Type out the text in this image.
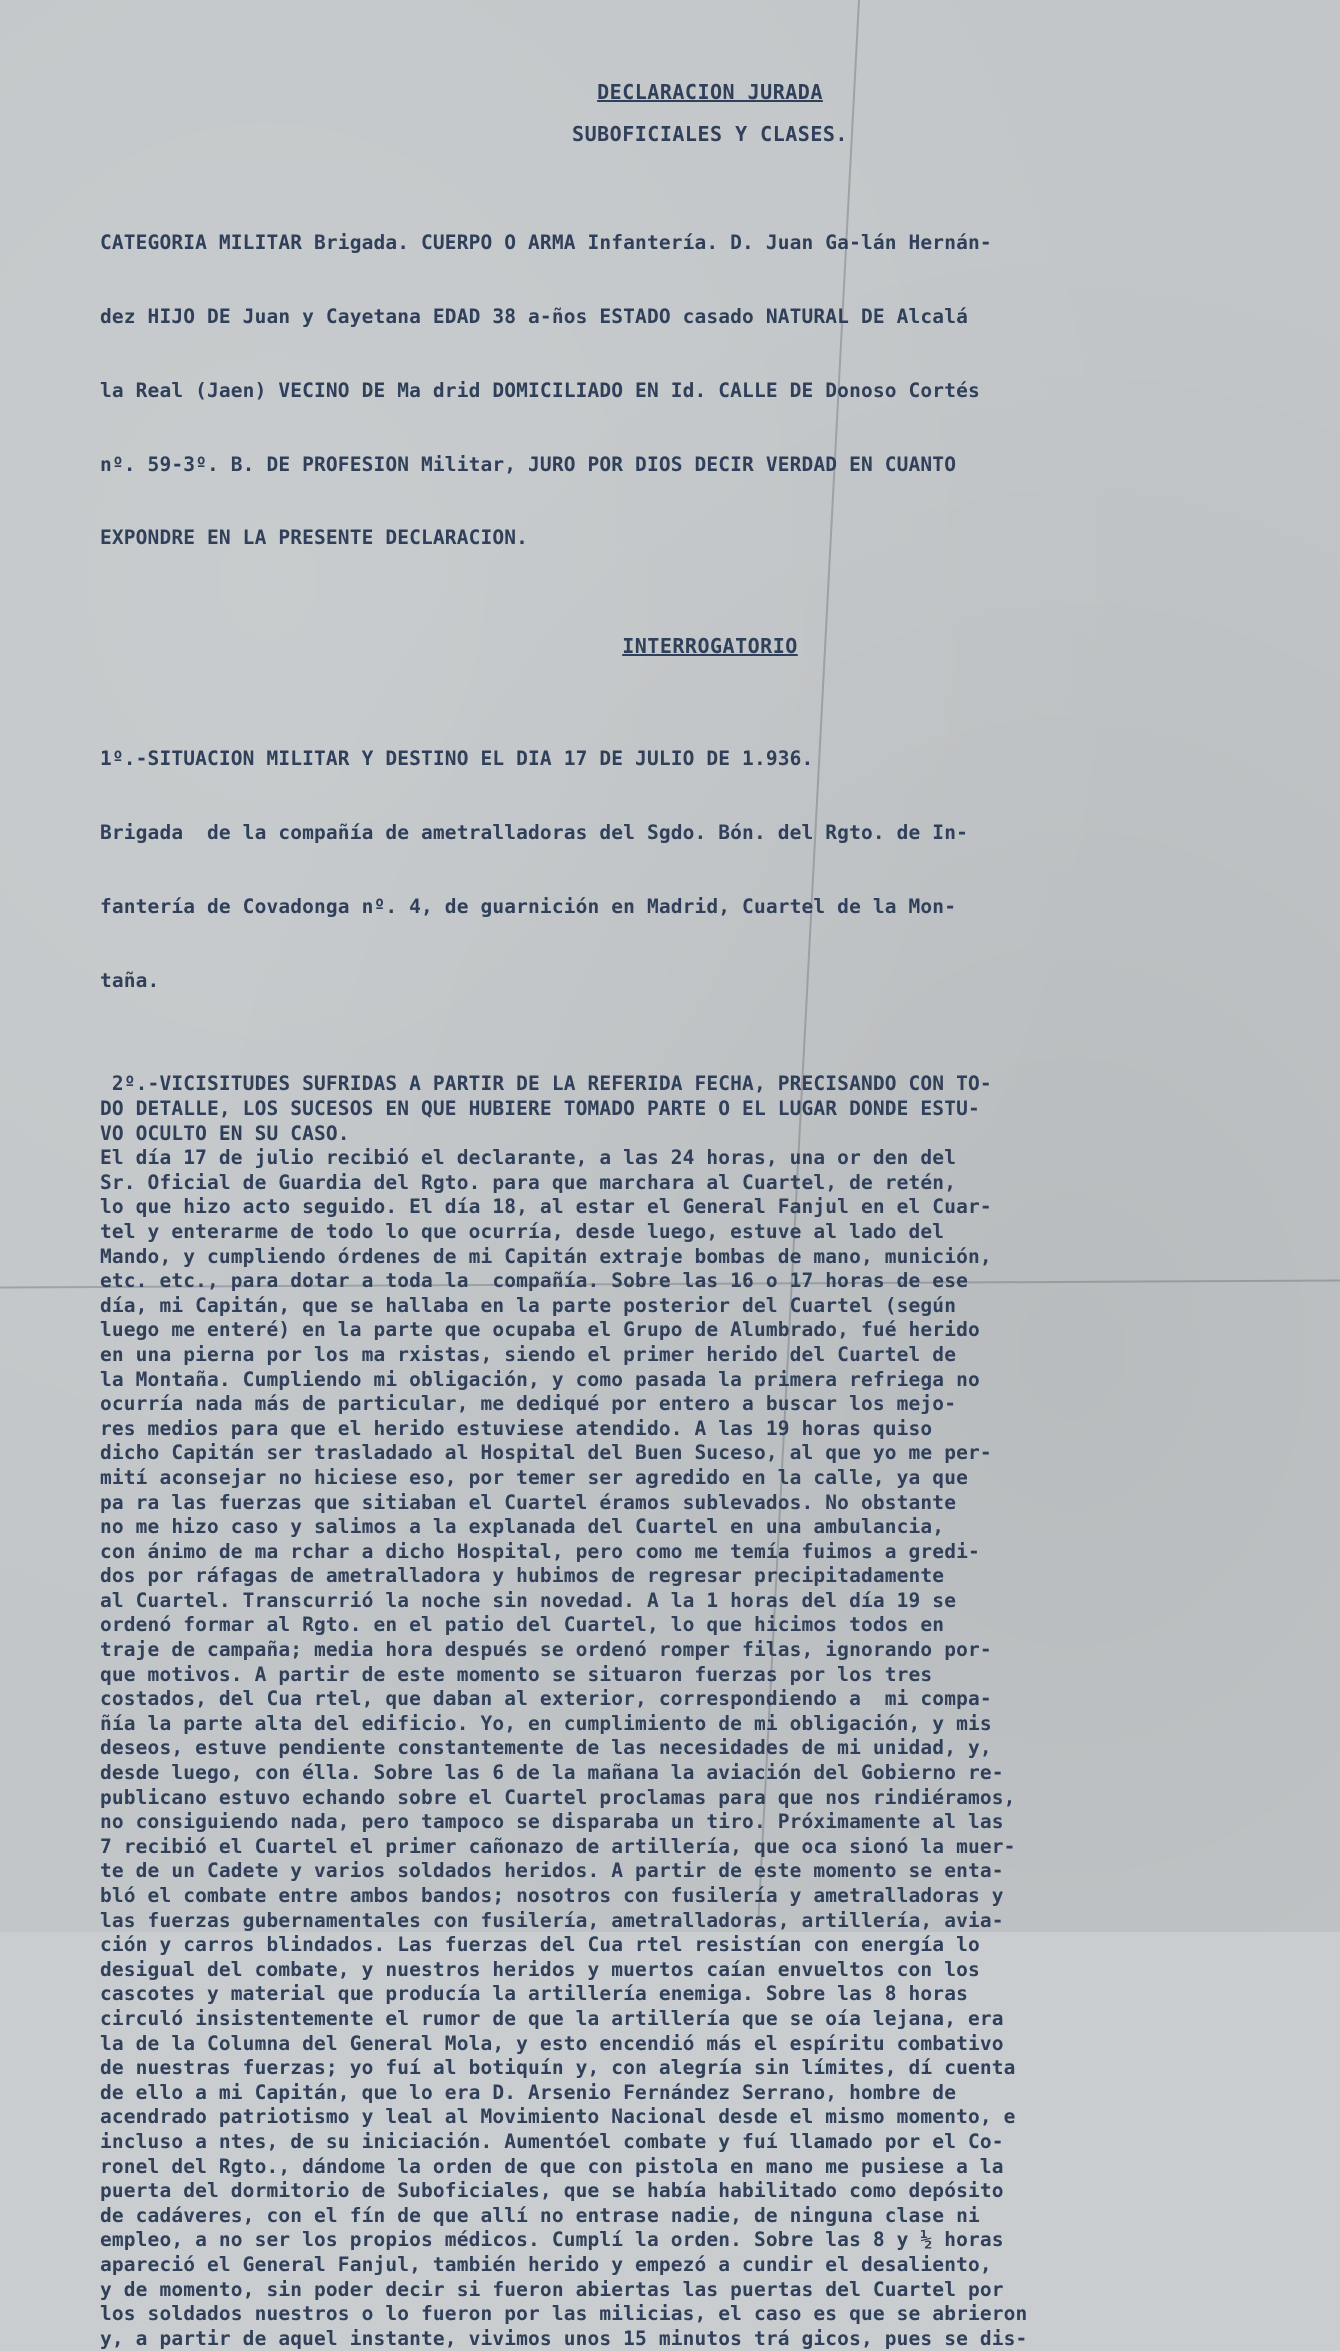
DECLARACION JURADA

SUBOFICIALES Y CLASES.

CATEGORIA MILITAR Brigada. CUERPO O ARMA Infantería. D. Juan Ga-lán Hernán-

dez HIJO DE Juan y Cayetana EDAD 38 a-ños ESTADO casado NATURAL DE Alcalá

la Real (Jaen) VECINO DE Ma drid DOMICILIADO EN Id. CALLE DE Donoso Cortés

nº. 59-3º. B. DE PROFESION Militar, JURO POR DIOS DECIR VERDAD EN CUANTO

EXPONDRE EN LA PRESENTE DECLARACION.

INTERROGATORIO

1º.-SITUACION MILITAR Y DESTINO EL DIA 17 DE JULIO DE 1.936.

Brigada  de la compañía de ametralladoras del Sgdo. Bón. del Rgto. de In-

fantería de Covadonga nº. 4, de guarnición en Madrid, Cuartel de la Mon-

taña.

2º.-VICISITUDES SUFRIDAS A PARTIR DE LA REFERIDA FECHA, PRECISANDO CON TO-
DO DETALLE, LOS SUCESOS EN QUE HUBIERE TOMADO PARTE O EL LUGAR DONDE ESTU-
VO OCULTO EN SU CASO.
El día 17 de julio recibió el declarante, a las 24 horas, una or den del
Sr. Oficial de Guardia del Rgto. para que marchara al Cuartel, de retén,
lo que hizo acto seguido. El día 18, al estar el General Fanjul en el Cuar-
tel y enterarme de todo lo que ocurría, desde luego, estuve al lado del
Mando, y cumpliendo órdenes de mi Capitán extraje bombas de mano, munición,
etc. etc., para dotar a toda la  compañía. Sobre las 16 o 17 horas de ese
día, mi Capitán, que se hallaba en la parte posterior del Cuartel (según
luego me enteré) en la parte que ocupaba el Grupo de Alumbrado, fué herido
en una pierna por los ma rxistas, siendo el primer herido del Cuartel de
la Montaña. Cumpliendo mi obligación, y como pasada la primera refriega no
ocurría nada más de particular, me dediqué por entero a buscar los mejo-
res medios para que el herido estuviese atendido. A las 19 horas quiso
dicho Capitán ser trasladado al Hospital del Buen Suceso, al que yo me per-
mití aconsejar no hiciese eso, por temer ser agredido en la calle, ya que
pa ra las fuerzas que sitiaban el Cuartel éramos sublevados. No obstante
no me hizo caso y salimos a la explanada del Cuartel en una ambulancia,
con ánimo de ma rchar a dicho Hospital, pero como me temía fuimos a gredi-
dos por ráfagas de ametralladora y hubimos de regresar precipitadamente
al Cuartel. Transcurrió la noche sin novedad. A la 1 horas del día 19 se
ordenó formar al Rgto. en el patio del Cuartel, lo que hicimos todos en
traje de campaña; media hora después se ordenó romper filas, ignorando por-
que motivos. A partir de este momento se situaron fuerzas por los tres
costados, del Cua rtel, que daban al exterior, correspondiendo a  mi compa-
ñía la parte alta del edificio. Yo, en cumplimiento de mi obligación, y mis
deseos, estuve pendiente constantemente de las necesidades de mi unidad, y,
desde luego, con élla. Sobre las 6 de la mañana la aviación del Gobierno re-
publicano estuvo echando sobre el Cuartel proclamas para que nos rindiéramos,
no consiguiendo nada, pero tampoco se disparaba un tiro. Próximamente al las
7 recibió el Cuartel el primer cañonazo de artillería, que oca sionó la muer-
te de un Cadete y varios soldados heridos. A partir de este momento se enta-
bló el combate entre ambos bandos; nosotros con fusilería y ametralladoras y
las fuerzas gubernamentales con fusilería, ametralladoras, artillería, avia-
ción y carros blindados. Las fuerzas del Cua rtel resistían con energía lo
desigual del combate, y nuestros heridos y muertos caían envueltos con los
cascotes y material que producía la artillería enemiga. Sobre las 8 horas
circuló insistentemente el rumor de que la artillería que se oía lejana, era
la de la Columna del General Mola, y esto encendió más el espíritu combativo
de nuestras fuerzas; yo fuí al botiquín y, con alegría sin límites, dí cuenta
de ello a mi Capitán, que lo era D. Arsenio Fernández Serrano, hombre de
acendrado patriotismo y leal al Movimiento Nacional desde el mismo momento, e
incluso a ntes, de su iniciación. Aumentóel combate y fuí llamado por el Co-
ronel del Rgto., dándome la orden de que con pistola en mano me pusiese a la
puerta del dormitorio de Suboficiales, que se había habilitado como depósito
de cadáveres, con el fín de que allí no entrase nadie, de ninguna clase ni
empleo, a no ser los propios médicos. Cumplí la orden. Sobre las 8 y ½ horas
apareció el General Fanjul, también herido y empezó a cundir el desaliento,
y de momento, sin poder decir si fueron abiertas las puertas del Cuartel por
los soldados nuestros o lo fueron por las milicias, el caso es que se abrieron
y, a partir de aquel instante, vivimos unos 15 minutos trá gicos, pues se dis-
